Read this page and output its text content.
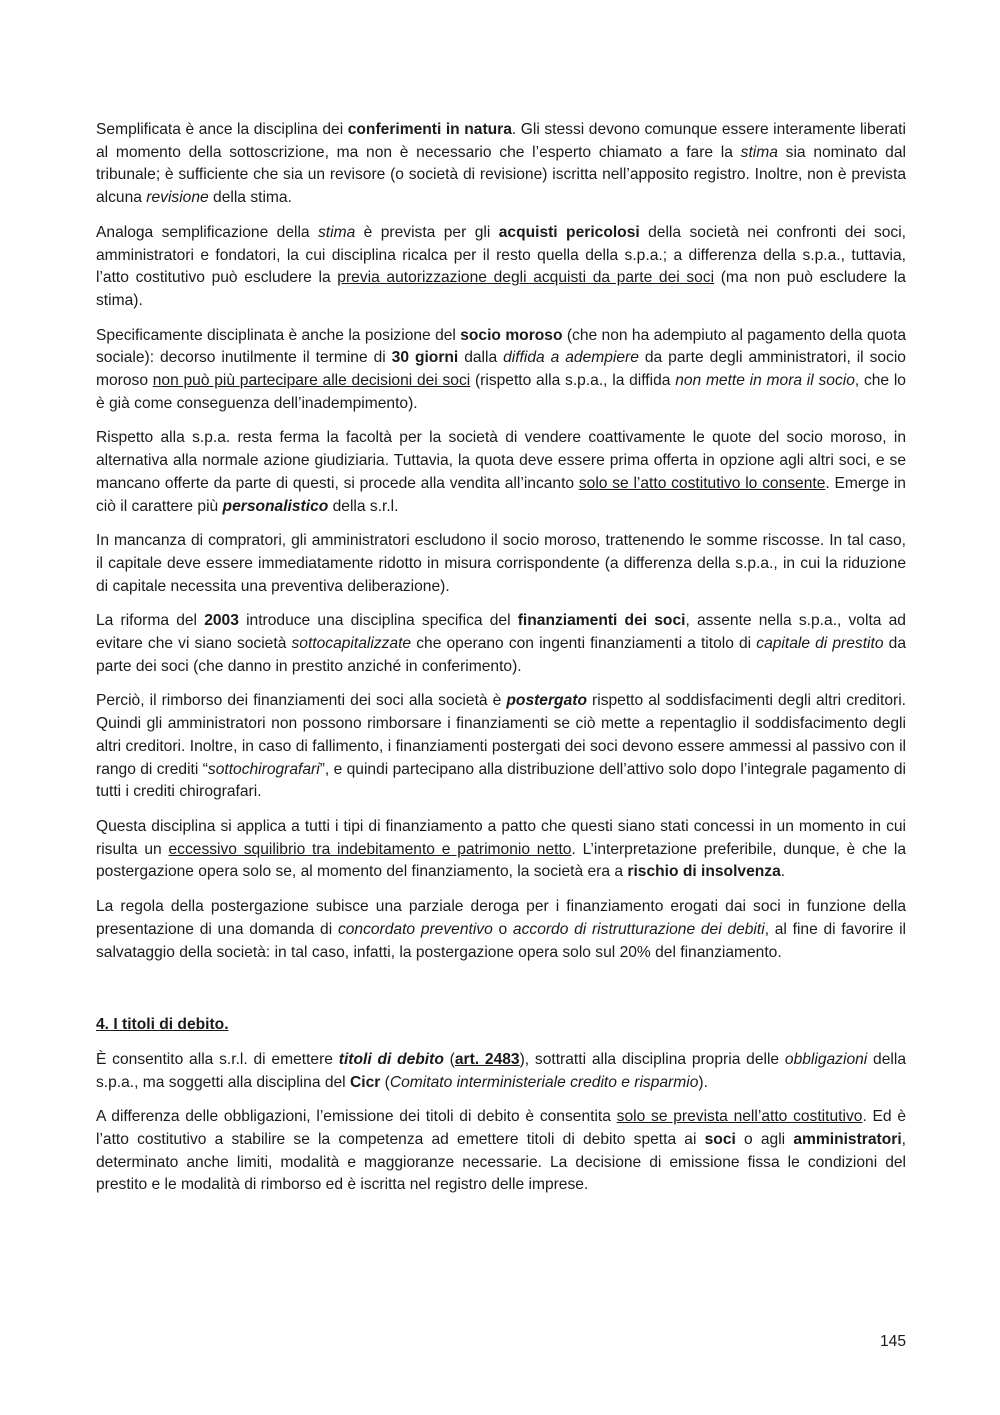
Semplificata è ance la disciplina dei conferimenti in natura. Gli stessi devono comunque essere interamente liberati al momento della sottoscrizione, ma non è necessario che l’esperto chiamato a fare la stima sia nominato dal tribunale; è sufficiente che sia un revisore (o società di revisione) iscritta nell’apposito registro. Inoltre, non è prevista alcuna revisione della stima.

Analoga semplificazione della stima è prevista per gli acquisti pericolosi della società nei confronti dei soci, amministratori e fondatori, la cui disciplina ricalca per il resto quella della s.p.a.; a differenza della s.p.a., tuttavia, l’atto costitutivo può escludere la previa autorizzazione degli acquisti da parte dei soci (ma non può escludere la stima).

Specificamente disciplinata è anche la posizione del socio moroso (che non ha adempiuto al pagamento della quota sociale): decorso inutilmente il termine di 30 giorni dalla diffida a adempiere da parte degli amministratori, il socio moroso non può più partecipare alle decisioni dei soci (rispetto alla s.p.a., la diffida non mette in mora il socio, che lo è già come conseguenza dell’inadempimento).

Rispetto alla s.p.a. resta ferma la facoltà per la società di vendere coattivamente le quote del socio moroso, in alternativa alla normale azione giudiziaria. Tuttavia, la quota deve essere prima offerta in opzione agli altri soci, e se mancano offerte da parte di questi, si procede alla vendita all’incanto solo se l’atto costitutivo lo consente. Emerge in ciò il carattere più personalistico della s.r.l.

In mancanza di compratori, gli amministratori escludono il socio moroso, trattenendo le somme riscosse. In tal caso, il capitale deve essere immediatamente ridotto in misura corrispondente (a differenza della s.p.a., in cui la riduzione di capitale necessita una preventiva deliberazione).

La riforma del 2003 introduce una disciplina specifica del finanziamenti dei soci, assente nella s.p.a., volta ad evitare che vi siano società sottocapitalizzate che operano con ingenti finanziamenti a titolo di capitale di prestito da parte dei soci (che danno in prestito anziché in conferimento).

Perciò, il rimborso dei finanziamenti dei soci alla società è postergato rispetto al soddisfacimenti degli altri creditori. Quindi gli amministratori non possono rimborsare i finanziamenti se ciò mette a repentaglio il soddisfacimento degli altri creditori. Inoltre, in caso di fallimento, i finanziamenti postergati dei soci devono essere ammessi al passivo con il rango di crediti “sottochirografari”, e quindi partecipano alla distribuzione dell’attivo solo dopo l’integrale pagamento di tutti i crediti chirografari.

Questa disciplina si applica a tutti i tipi di finanziamento a patto che questi siano stati concessi in un momento in cui risulta un eccessivo squilibrio tra indebitamento e patrimonio netto. L’interpretazione preferibile, dunque, è che la postergazione opera solo se, al momento del finanziamento, la società era a rischio di insolvenza.

La regola della postergazione subisce una parziale deroga per i finanziamento erogati dai soci in funzione della presentazione di una domanda di concordato preventivo o accordo di ristrutturazione dei debiti, al fine di favorire il salvataggio della società: in tal caso, infatti, la postergazione opera solo sul 20% del finanziamento.

4. I titoli di debito.

È consentito alla s.r.l. di emettere titoli di debito (art. 2483), sottratti alla disciplina propria delle obbligazioni della s.p.a., ma soggetti alla disciplina del Cicr (Comitato interministeriale credito e risparmio).

A differenza delle obbligazioni, l’emissione dei titoli di debito è consentita solo se prevista nell’atto costitutivo. Ed è l’atto costitutivo a stabilire se la competenza ad emettere titoli di debito spetta ai soci o agli amministratori, determinato anche limiti, modalità e maggioranze necessarie. La decisione di emissione fissa le condizioni del prestito e le modalità di rimborso ed è iscritta nel registro delle imprese.

145
